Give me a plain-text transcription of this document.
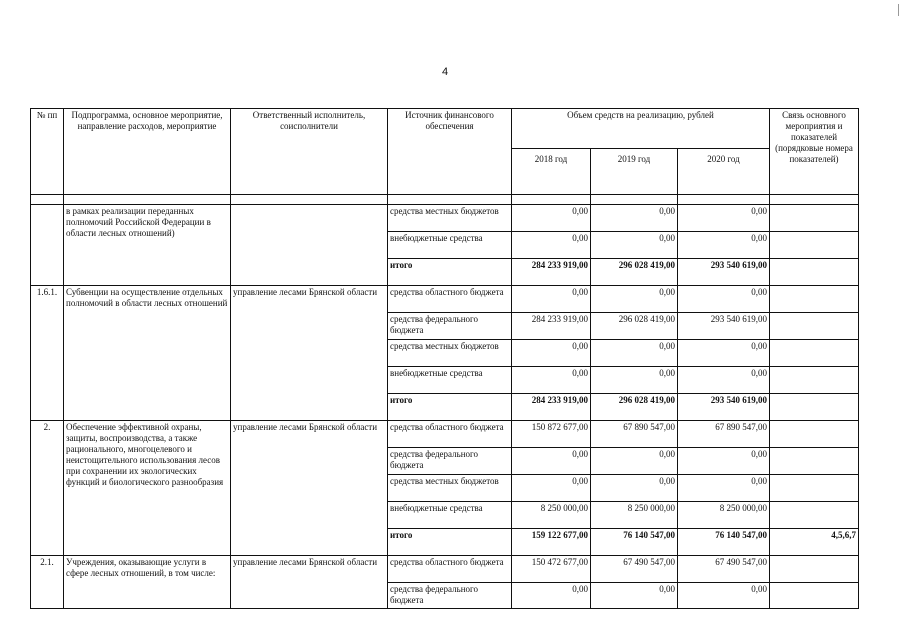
4
№ пп	Подпрограмма, основное мероприятие, направление расходов, мероприятие	Ответственный исполнитель, соисполнители	Источник финансового обеспечения	Объем средств на реализацию, рублей			Связь основного мероприятия и показателей (порядковые номера показателей)
				2018 год	2019 год	2020 год	

	в рамках реализации переданных полномочий Российской Федерации в области лесных отношений)		средства местных бюджетов	0,00	0,00	0,00	
			внебюджетные средства	0,00	0,00	0,00	
			итого	284 233 919,00	296 028 419,00	293 540 619,00	
1.6.1.	Субвенции на осуществление отдельных полномочий в области лесных отношений	управление лесами Брянской области	средства областного бюджета	0,00	0,00	0,00	
			средства федерального бюджета	284 233 919,00	296 028 419,00	293 540 619,00	
			средства местных бюджетов	0,00	0,00	0,00	
			внебюджетные средства	0,00	0,00	0,00	
			итого	284 233 919,00	296 028 419,00	293 540 619,00	
2.	Обеспечение эффективной охраны, защиты, воспроизводства, а также рационального, многоцелевого и неистощительного использования лесов при сохранении их экологических функций и биологического разнообразия	управление лесами Брянской области	средства областного бюджета	150 872 677,00	67 890 547,00	67 890 547,00	
			средства федерального бюджета	0,00	0,00	0,00	
			средства местных бюджетов	0,00	0,00	0,00	
			внебюджетные средства	8 250 000,00	8 250 000,00	8 250 000,00	
			итого	159 122 677,00	76 140 547,00	76 140 547,00	4,5,6,7
2.1.	Учреждения, оказывающие услуги в сфере лесных отношений, в том числе:	управление лесами Брянской области	средства областного бюджета	150 472 677,00	67 490 547,00	67 490 547,00	
			средства федерального бюджета	0,00	0,00	0,00	
